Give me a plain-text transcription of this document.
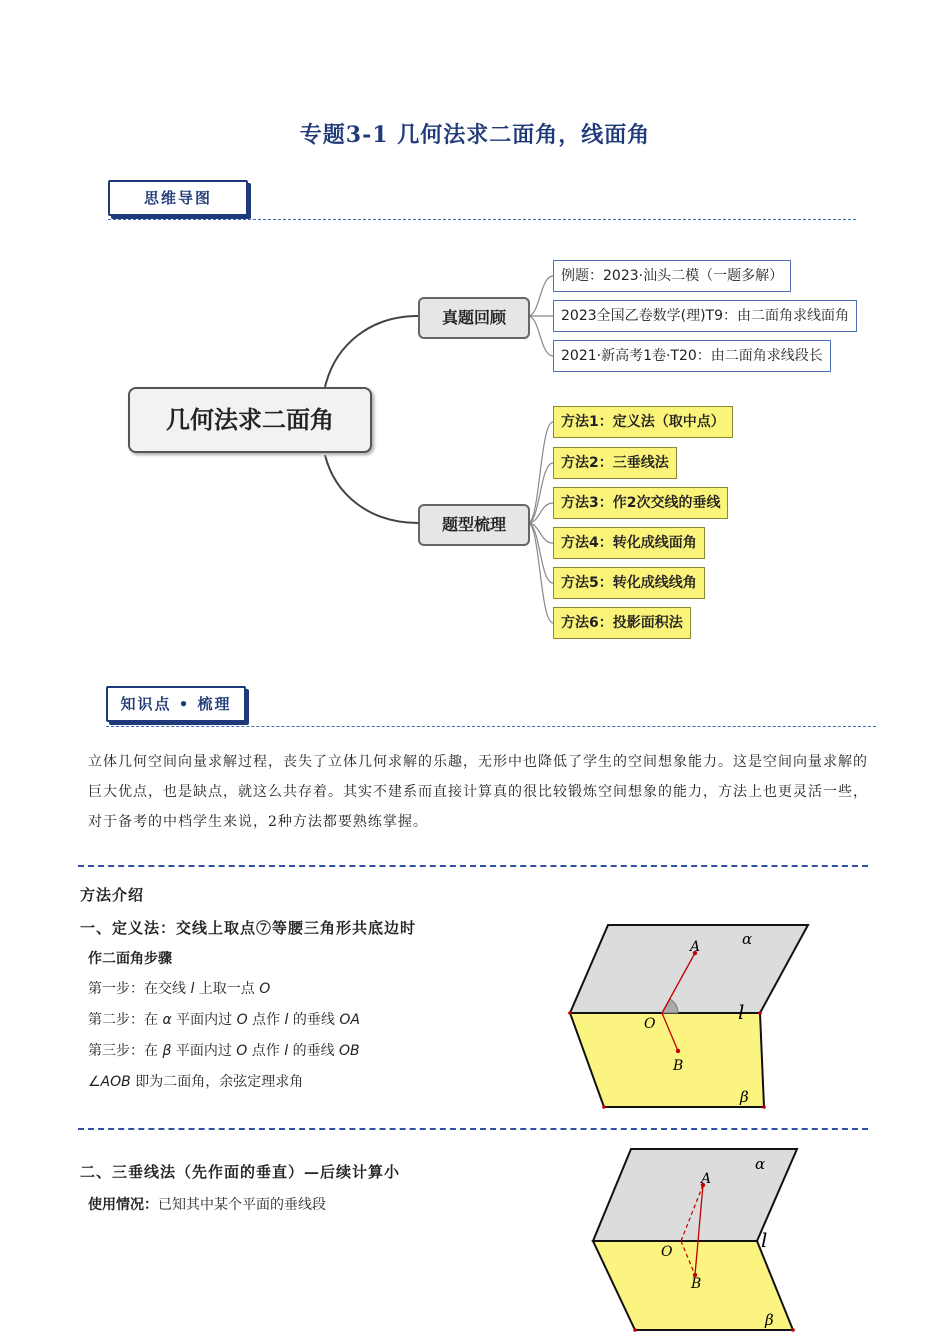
专题3-1 几何法求二面角，线面角
思维导图
几何法求二面角
真题回顾
题型梳理
例题：2023·汕头二模（一题多解）
2023全国乙卷数学(理)T9：由二面角求线面角
2021·新高考1卷·T20：由二面角求线段长
方法1：定义法（取中点）
方法2：三垂线法
方法3：作2次交线的垂线
方法4：转化成线面角
方法5：转化成线线角
方法6：投影面积法
知识点 • 梳理
立体几何空间向量求解过程，丧失了立体几何求解的乐趣，无形中也降低了学生的空间想象能力。这是空间向量求解的巨大优点，也是缺点，就这么共存着。其实不建系而直接计算真的很比较锻炼空间想象的能力，方法上也更灵活一些，对于备考的中档学生来说，2种方法都要熟练掌握。
方法介绍
一、定义法：交线上取点⑦等腰三角形共底边时
作二面角步骤
第一步：在交线 l 上取一点 O
第二步：在 α 平面内过 O 点作 l 的垂线 OA
第三步：在 β 平面内过 O 点作 l 的垂线 OB
∠AOB 即为二面角，余弦定理求角
A
B
O
α
β
l
二、三垂线法（先作面的垂直）—后续计算小
使用情况：已知其中某个平面的垂线段
A
B
O
α
β
l
